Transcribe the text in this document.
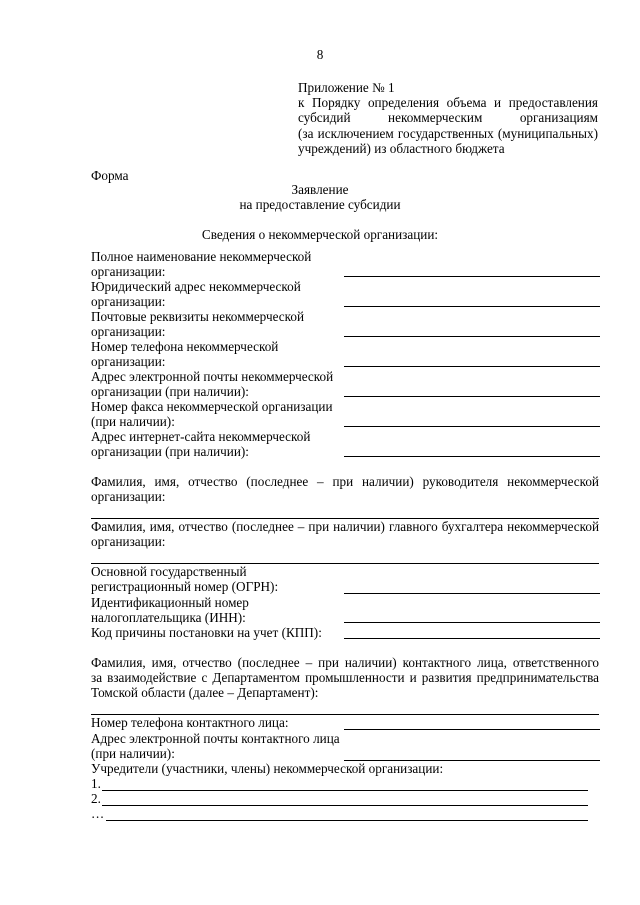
8
Приложение № 1
к Порядку определения объема и предоставления
субсидий некоммерческим организациям
(за исключением государственных (муниципальных)
учреждений) из областного бюджета
Форма
Заявление
на предоставление субсидии
Сведения о некоммерческой организации:
Полное наименование некоммерческой
организации:
Юридический адрес некоммерческой
организации:
Почтовые реквизиты некоммерческой
организации:
Номер телефона некоммерческой
организации:
Адрес электронной почты некоммерческой
организации (при наличии):
Номер факса некоммерческой организации
(при наличии):
Адрес интернет-сайта некоммерческой
организации (при наличии):
Фамилия, имя, отчество (последнее – при наличии) руководителя некоммерческой
организации:
Фамилия, имя, отчество (последнее – при наличии) главного бухгалтера некоммерческой
организации:
Основной государственный
регистрационный номер (ОГРН):
Идентификационный номер
налогоплательщика (ИНН):
Код причины постановки на учет (КПП):
Фамилия, имя, отчество (последнее – при наличии) контактного лица, ответственного
за взаимодействие с Департаментом промышленности и развития предпринимательства
Томской области (далее – Департамент):
Номер телефона контактного лица:
Адрес электронной почты контактного лица
(при наличии):
Учредители (участники, члены) некоммерческой организации:
1.
2.
…
